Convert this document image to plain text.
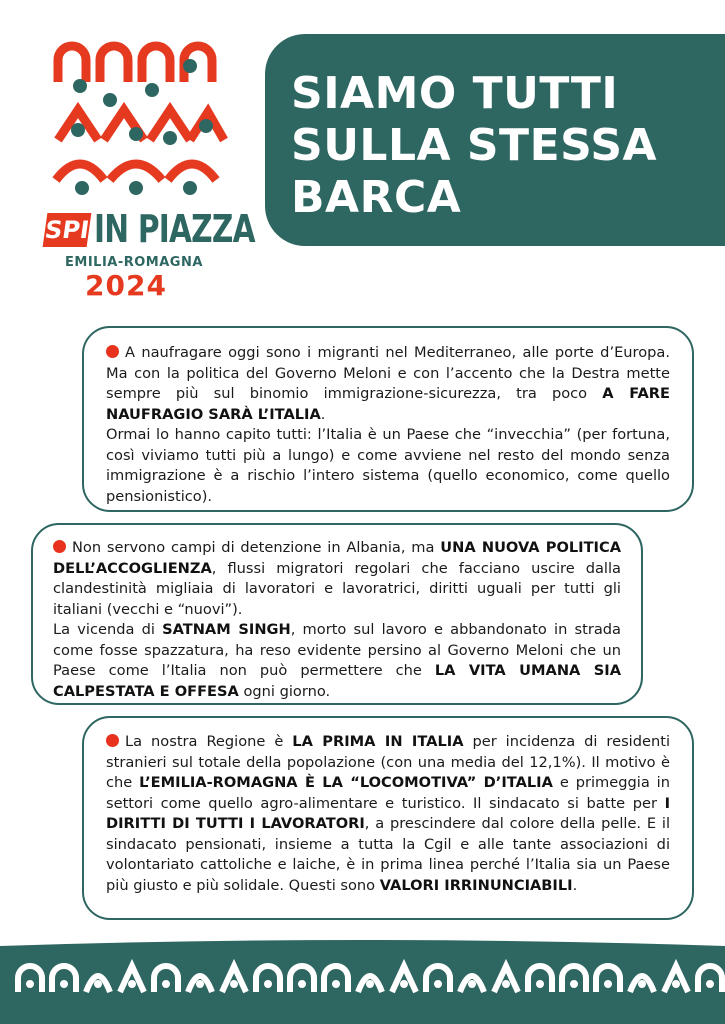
SPI IN PIAZZA
EMILIA-ROMAGNA
2024
SIAMO TUTTI
SULLA STESSA
BARCA

A naufragare oggi sono i migranti nel Mediterraneo, alle porte d’Europa. Ma con la politica del Governo Meloni e con l’accento che la Destra mette sempre più sul binomio immigrazione-sicurezza, tra poco A FARE NAUFRAGIO SARÀ L’ITALIA.
Ormai lo hanno capito tutti: l’Italia è un Paese che “invecchia” (per fortuna, così viviamo tutti più a lungo) e come avviene nel resto del mondo senza immigrazione è a rischio l’intero sistema (quello economico, come quello pensionistico).

Non servono campi di detenzione in Albania, ma UNA NUOVA POLITICA DELL’ACCOGLIENZA, flussi migratori regolari che facciano uscire dalla clandestinità migliaia di lavoratori e lavoratrici, diritti uguali per tutti gli italiani (vecchi e “nuovi”).
La vicenda di SATNAM SINGH, morto sul lavoro e abbandonato in strada come fosse spazzatura, ha reso evidente persino al Governo Meloni che un Paese come l’Italia non può permettere che LA VITA UMANA SIA CALPESTATA E OFFESA ogni giorno.

La nostra Regione è LA PRIMA IN ITALIA per incidenza di residenti stranieri sul totale della popolazione (con una media del 12,1%). Il motivo è che L’EMILIA-ROMAGNA È LA “LOCOMOTIVA” D’ITALIA e primeggia in settori come quello agro-alimentare e turistico. Il sindacato si batte per I DIRITTI DI TUTTI I LAVORATORI, a prescindere dal colore della pelle. E il sindacato pensionati, insieme a tutta la Cgil e alle tante associazioni di volontariato cattoliche e laiche, è in prima linea perché l’Italia sia un Paese più giusto e più solidale. Questi sono VALORI IRRINUNCIABILI.
